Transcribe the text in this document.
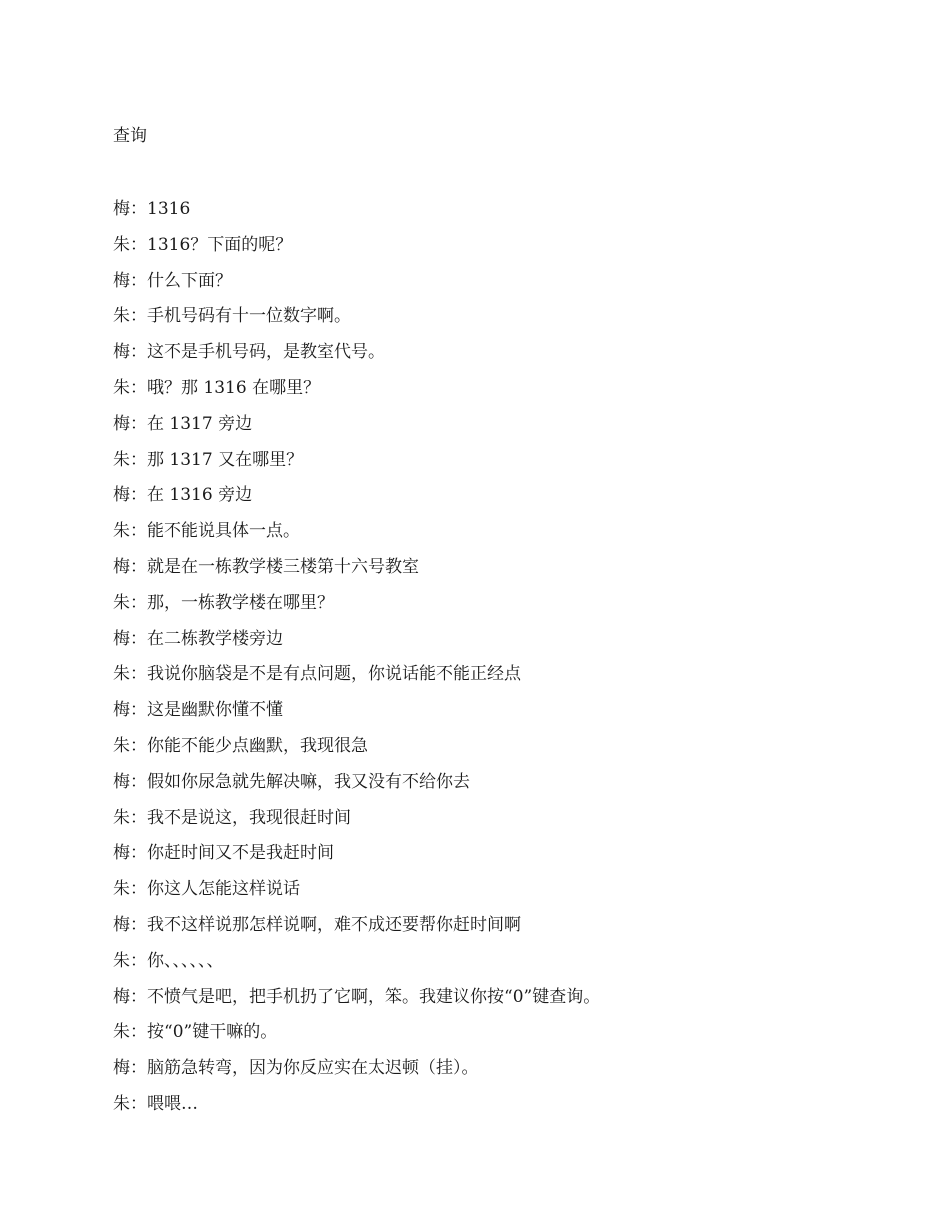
查询
梅：1316
朱：1316？下面的呢？
梅：什么下面？
朱：手机号码有十一位数字啊。
梅：这不是手机号码，是教室代号。
朱：哦？那 1316 在哪里？
梅：在 1317 旁边
朱：那 1317 又在哪里？
梅：在 1316 旁边
朱：能不能说具体一点。
梅：就是在一栋教学楼三楼第十六号教室
朱：那，一栋教学楼在哪里？
梅：在二栋教学楼旁边
朱：我说你脑袋是不是有点问题，你说话能不能正经点
梅：这是幽默你懂不懂
朱：你能不能少点幽默，我现很急
梅：假如你尿急就先解决嘛，我又没有不给你去
朱：我不是说这，我现很赶时间
梅：你赶时间又不是我赶时间
朱：你这人怎能这样说话
梅：我不这样说那怎样说啊，难不成还要帮你赶时间啊
朱：你、、、、、、
梅：不愤气是吧，把手机扔了它啊，笨。我建议你按“0”键查询。
朱：按“0”键干嘛的。
梅：脑筋急转弯，因为你反应实在太迟顿（挂）。
朱：喂喂…
